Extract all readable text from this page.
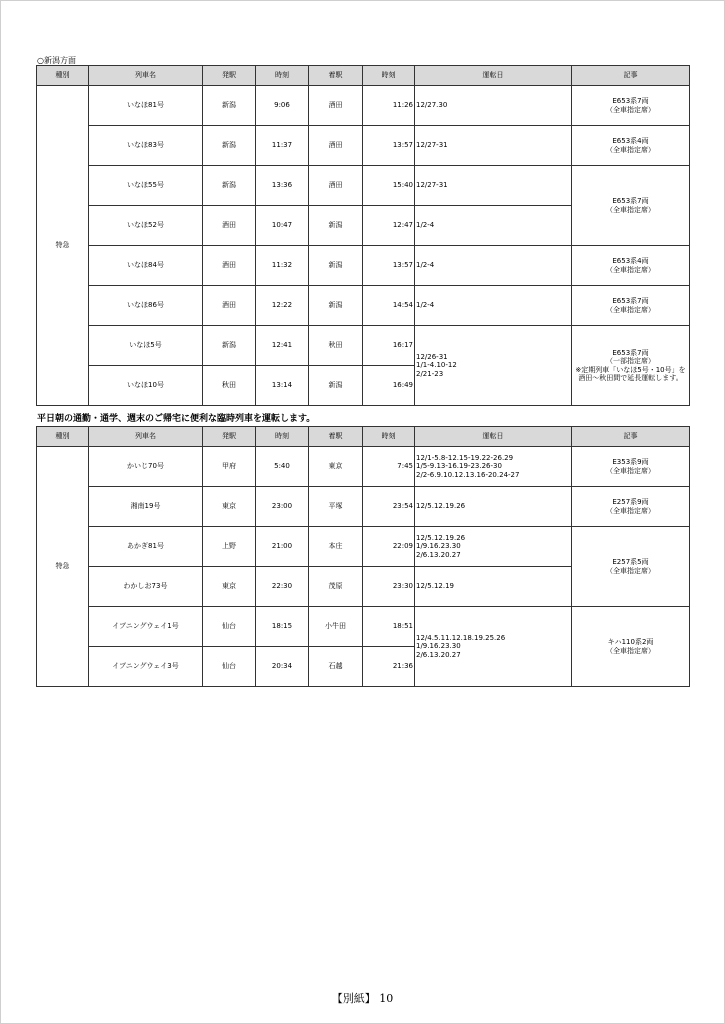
○新潟方面
種別	列車名	発駅	時刻	着駅	時刻	運転日	記事
特急	いなほ81号	新潟	9:06	酒田	11:26	12/27.30	E653系7両
（全車指定席）
	いなほ83号	新潟	11:37	酒田	13:57	12/27-31	E653系4両
（全車指定席）
	いなほ55号	新潟	13:36	酒田	15:40	12/27-31	E653系7両
（全車指定席）
	いなほ52号	酒田	10:47	新潟	12:47	1/2-4	
	いなほ84号	酒田	11:32	新潟	13:57	1/2-4	E653系4両
（全車指定席）
	いなほ86号	酒田	12:22	新潟	14:54	1/2-4	E653系7両
（全車指定席）
	いなほ5号	新潟	12:41	秋田	16:17	12/26-31
1/1-4.10-12
2/21-23	E653系7両
（一部指定席）
※定期列車「いなほ5号・10号」を
酒田～秋田間で延長運転します。
	いなほ10号	秋田	13:14	新潟	16:49		
平日朝の通勤・通学、週末のご帰宅に便利な臨時列車を運転します。
種別	列車名	発駅	時刻	着駅	時刻	運転日	記事
特急	かいじ70号	甲府	5:40	東京	7:45	12/1-5.8-12.15-19.22-26.29
1/5-9.13-16.19-23.26-30
2/2-6.9.10.12.13.16-20.24-27	E353系9両
（全車指定席）
	湘南19号	東京	23:00	平塚	23:54	12/5.12.19.26	E257系9両
（全車指定席）
	あかぎ81号	上野	21:00	本庄	22:09	12/5.12.19.26
1/9.16.23.30
2/6.13.20.27	E257系5両
（全車指定席）
	わかしお73号	東京	22:30	茂原	23:30	12/5.12.19	
	イブニングウェイ1号	仙台	18:15	小牛田	18:51	12/4.5.11.12.18.19.25.26
1/9.16.23.30
2/6.13.20.27	キハ110系2両
（全車指定席）
	イブニングウェイ3号	仙台	20:34	石越	21:36		
【別紙】 10
